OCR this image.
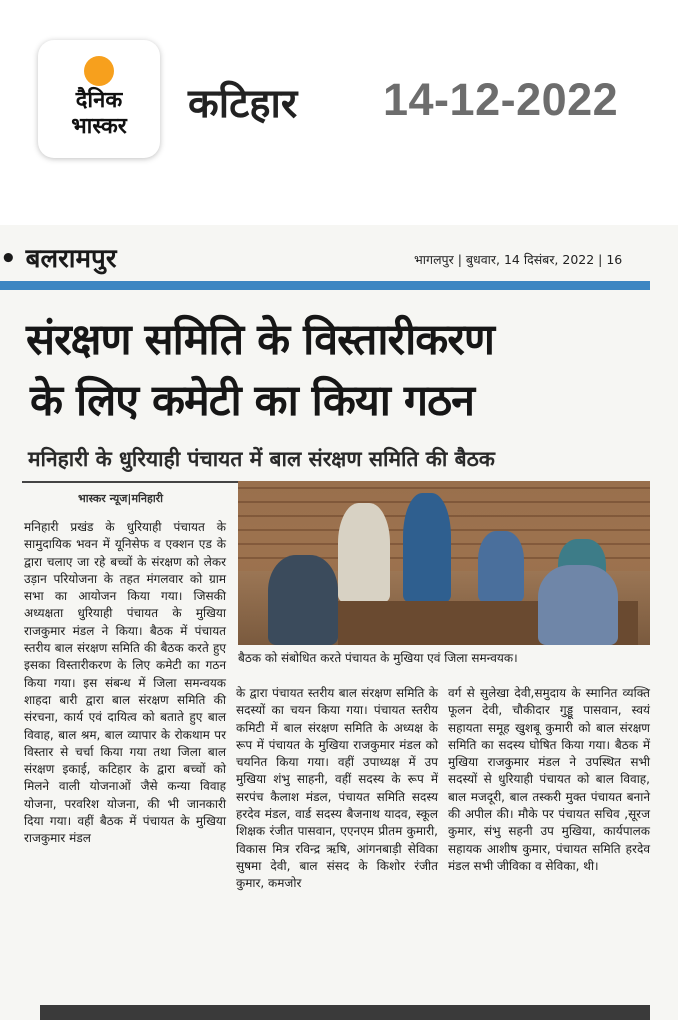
दैनिक
भास्कर	कटिहार 14-12-2022
• बलरामपुर	भागलपुर | बुधवार, 14 दिसंबर, 2022 | 16
संरक्षण समिति के विस्तारीकरण
के लिए कमेटी का किया गठन
मनिहारी के धुरियाही पंचायत में बाल संरक्षण समिति की बैठक
भास्कर न्यूज|मनिहारी
मनिहारी प्रखंड के धुरियाही पंचायत के सामुदायिक भवन में यूनिसेफ व एक्शन एड के द्वारा चलाए जा रहे बच्चों के संरक्षण को लेकर उड़ान परियोजना के तहत मंगलवार को ग्राम सभा का आयोजन किया गया। जिसकी अध्यक्षता धुरियाही पंचायत के मुखिया राजकुमार मंडल ने किया। बैठक में पंचायत स्तरीय बाल संरक्षण समिति की बैठक करते हुए इसका विस्तारीकरण के लिए कमेटी का गठन किया गया। इस संबन्ध में जिला समन्वयक शाहदा बारी द्वारा बाल संरक्षण समिति की संरचना, कार्य एवं दायित्व को बताते हुए बाल विवाह, बाल श्रम, बाल व्यापार के रोकथाम पर विस्तार से चर्चा किया गया तथा जिला बाल संरक्षण इकाई, कटिहार के द्वारा बच्चों को मिलने वाली योजनाओं जैसे कन्या विवाह योजना, परवरिश योजना, की भी जानकारी दिया गया। वहीं बैठक में पंचायत के मुखिया राजकुमार मंडल
बैठक को संबोधित करते पंचायत के मुखिया एवं जिला समन्वयक।
के द्वारा पंचायत स्तरीय बाल संरक्षण समिति के सदस्यों का चयन किया गया। पंचायत स्तरीय कमिटी में बाल संरक्षण समिति के अध्यक्ष के रूप में पंचायत के मुखिया राजकुमार मंडल को चयनित किया गया। वहीं उपाध्यक्ष में उप मुखिया शंभु साहनी, वहीं सदस्य के रूप में सरपंच कैलाश मंडल, पंचायत समिति सदस्य हरदेव मंडल, वार्ड सदस्य बैजनाथ यादव, स्कूल शिक्षक रंजीत पासवान, एएनएम प्रीतम कुमारी, विकास मित्र रविन्द्र ऋषि, आंगनबाड़ी सेविका सुषमा देवी, बाल संसद के किशोर रंजीत कुमार, कमजोर
वर्ग से सुलेखा देवी,समुदाय के स्मानित व्यक्ति फूलन देवी, चौकीदार गुड्डू पासवान, स्वयं सहायता समूह खुशबू कुमारी को बाल संरक्षण समिति का सदस्य घोषित किया गया। बैठक में मुखिया राजकुमार मंडल ने उपस्थित सभी सदस्यों से धुरियाही पंचायत को बाल विवाह, बाल मजदूरी, बाल तस्करी मुक्त पंचायत बनाने की अपील की। मौके पर पंचायत सचिव ,सूरज कुमार, संभु सहनी उप मुखिया, कार्यपालक सहायक आशीष कुमार, पंचायत समिति हरदेव मंडल सभी जीविका व सेविका, थी।
